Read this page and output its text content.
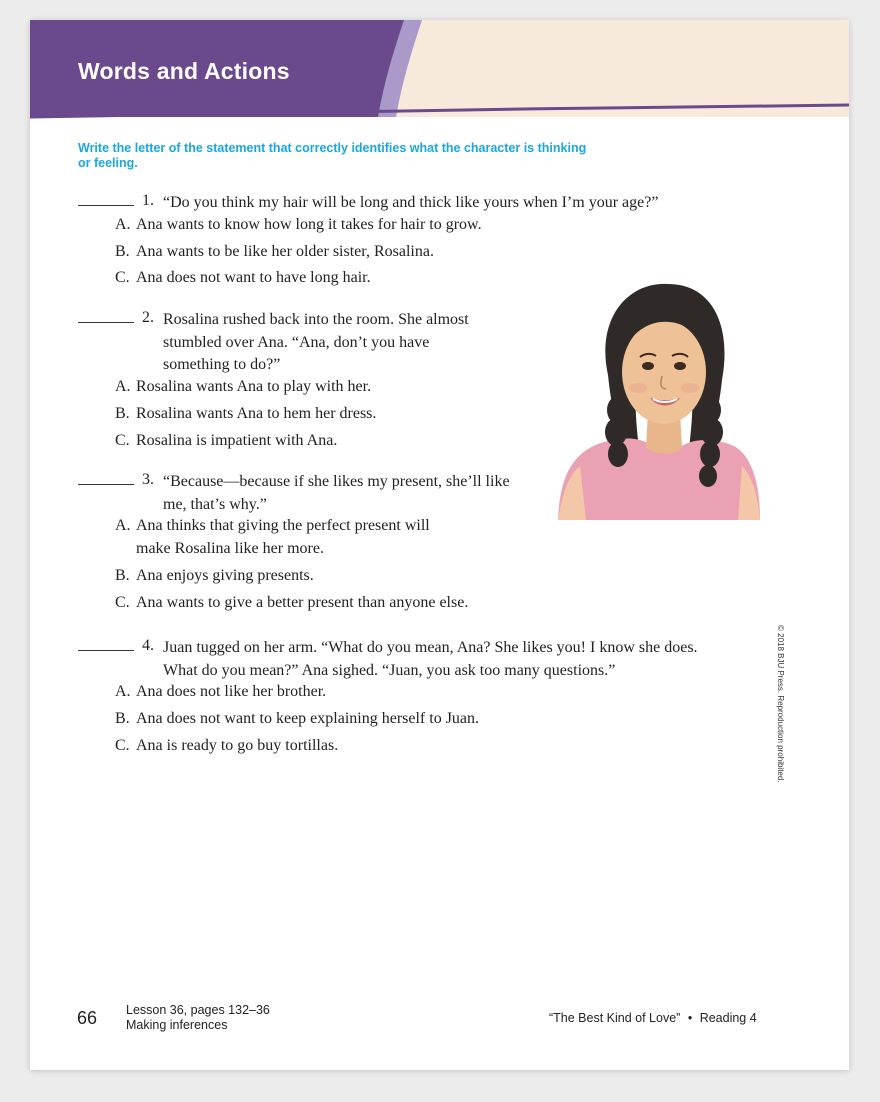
Words and Actions
Write the letter of the statement that correctly identifies what the character is thinking or feeling.
1. “Do you think my hair will be long and thick like yours when I’m your age?”
A. Ana wants to know how long it takes for hair to grow.
B. Ana wants to be like her older sister, Rosalina.
C. Ana does not want to have long hair.
2. Rosalina rushed back into the room. She almost
stumbled over Ana. “Ana, don’t you have
something to do?”
A. Rosalina wants Ana to play with her.
B. Rosalina wants Ana to hem her dress.
C. Rosalina is impatient with Ana.
3. “Because—because if she likes my present, she’ll like
me, that’s why.”
A. Ana thinks that giving the perfect present will
make Rosalina like her more.
B. Ana enjoys giving presents.
C. Ana wants to give a better present than anyone else.
4. Juan tugged on her arm. “What do you mean, Ana? She likes you! I know she does.
What do you mean?” Ana sighed. “Juan, you ask too many questions.”
A. Ana does not like her brother.
B. Ana does not want to keep explaining herself to Juan.
C. Ana is ready to go buy tortillas.	© 2018 BJU Press. Reproduction prohibited.
66 Lesson 36, pages 132–36
Making inferences	“The Best Kind of Love” • Reading 4
